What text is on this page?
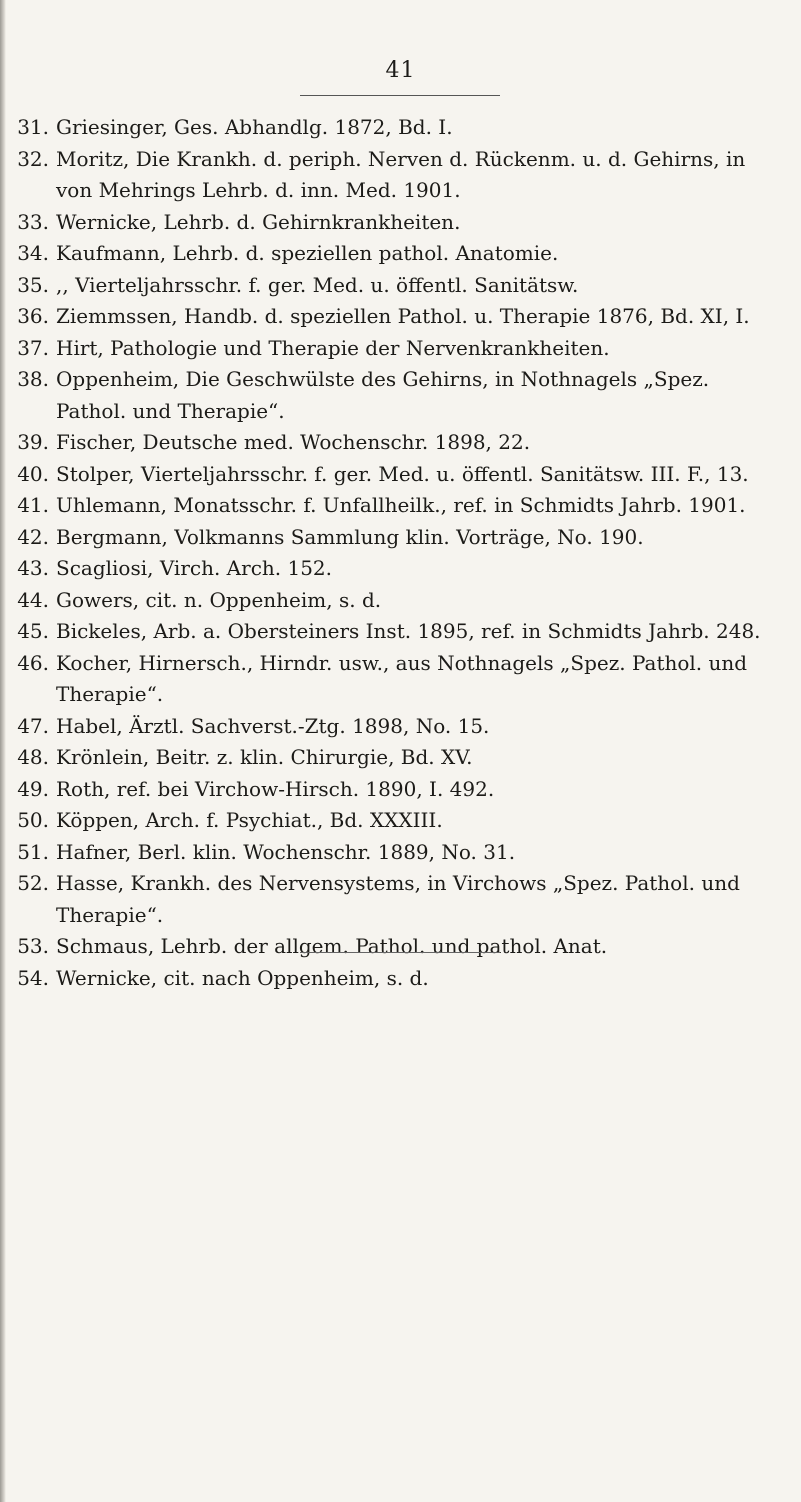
41
31. Griesinger, Ges. Abhandlg. 1872, Bd. I.
32. Moritz, Die Krankh. d. periph. Nerven d. Rückenm. u. d. Gehirns, in von Mehrings Lehrb. d. inn. Med. 1901.
33. Wernicke, Lehrb. d. Gehirnkrankheiten.
34. Kaufmann, Lehrb. d. speziellen pathol. Anatomie.
35. ,, Vierteljahrsschr. f. ger. Med. u. öffentl. Sanitätsw.
36. Ziemmssen, Handb. d. speziellen Pathol. u. Therapie 1876, Bd. XI, I.
37. Hirt, Pathologie und Therapie der Nervenkrankheiten.
38. Oppenheim, Die Geschwülste des Gehirns, in Nothnagels „Spez. Pathol. und Therapie“.
39. Fischer, Deutsche med. Wochenschr. 1898, 22.
40. Stolper, Vierteljahrsschr. f. ger. Med. u. öffentl. Sanitätsw. III. F., 13.
41. Uhlemann, Monatsschr. f. Unfallheilk., ref. in Schmidts Jahrb. 1901.
42. Bergmann, Volkmanns Sammlung klin. Vorträge, No. 190.
43. Scagliosi, Virch. Arch. 152.
44. Gowers, cit. n. Oppenheim, s. d.
45. Bickeles, Arb. a. Obersteiners Inst. 1895, ref. in Schmidts Jahrb. 248.
46. Kocher, Hirnersch., Hirndr. usw., aus Nothnagels „Spez. Pathol. und Therapie“.
47. Habel, Ärztl. Sachverst.-Ztg. 1898, No. 15.
48. Krönlein, Beitr. z. klin. Chirurgie, Bd. XV.
49. Roth, ref. bei Virchow-Hirsch. 1890, I. 492.
50. Köppen, Arch. f. Psychiat., Bd. XXXIII.
51. Hafner, Berl. klin. Wochenschr. 1889, No. 31.
52. Hasse, Krankh. des Nervensystems, in Virchows „Spez. Pathol. und Therapie“.
53. Schmaus, Lehrb. der allgem. Pathol. und pathol. Anat.
54. Wernicke, cit. nach Oppenheim, s. d.
